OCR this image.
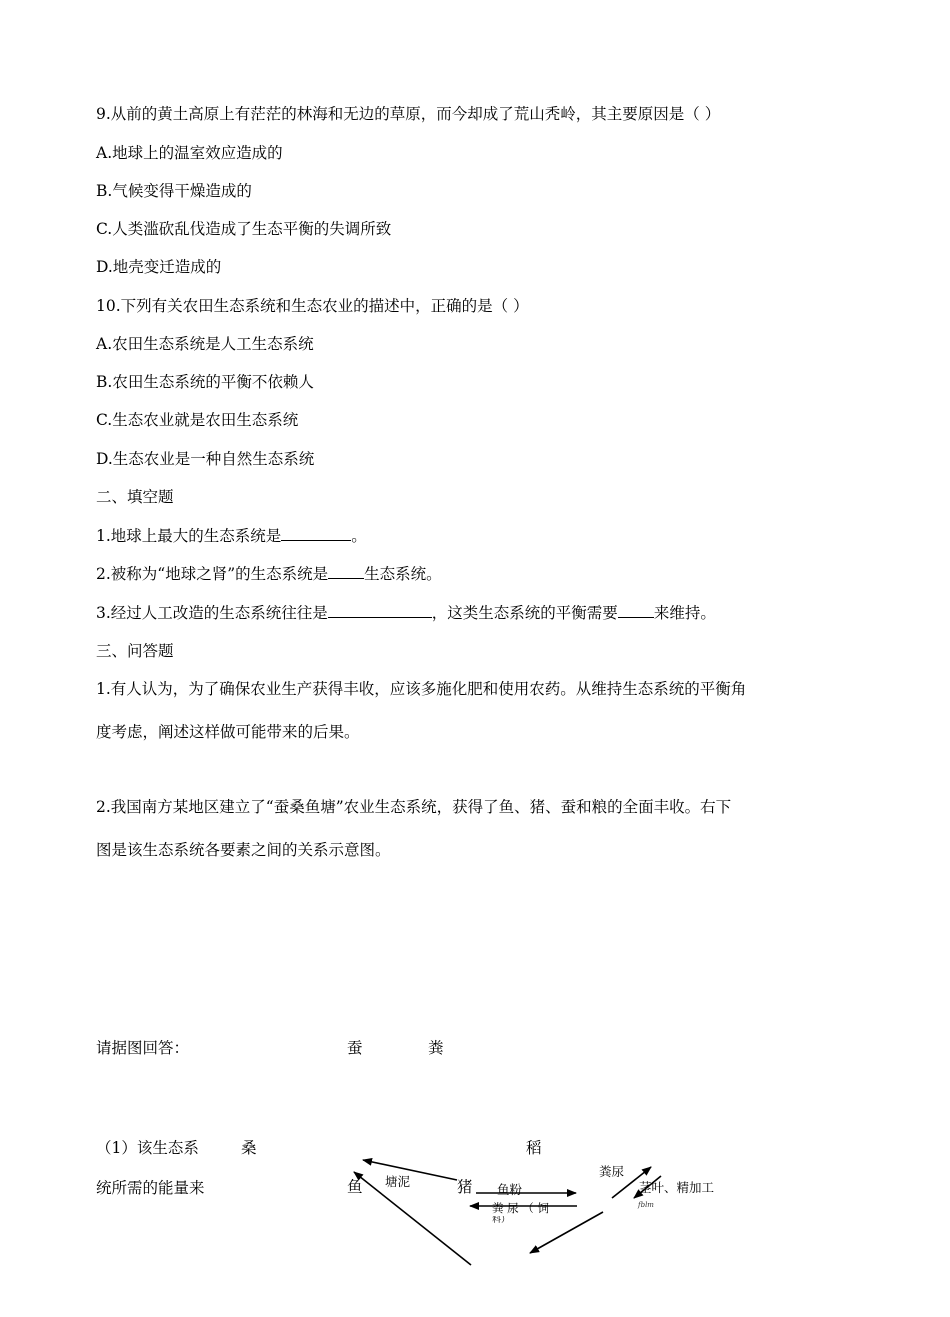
9.从前的黄土高原上有茫茫的林海和无边的草原，而今却成了荒山秃岭，其主要原因是（ ）
A.地球上的温室效应造成的
B.气候变得干燥造成的
C.人类滥砍乱伐造成了生态平衡的失调所致
D.地壳变迁造成的
10.下列有关农田生态系统和生态农业的描述中，正确的是（ ）
A.农田生态系统是人工生态系统
B.农田生态系统的平衡不依赖人
C.生态农业就是农田生态系统
D.生态农业是一种自然生态系统
二、填空题
1.地球上最大的生态系统是	。
2.被称为“地球之肾”的生态系统是 生态系统。
3.经过人工改造的生态系统往往是	，这类生态系统的平衡需要 来维持。
三、问答题
1.有人认为，为了确保农业生产获得丰收，应该多施化肥和使用农药。从维持生态系统的平衡角
度考虑，阐述这样做可能带来的后果。
2.我国南方某地区建立了“蚕桑鱼塘”农业生态系统，获得了鱼、猪、蚕和粮的全面丰收。右下
图是该生态系统各要素之间的关系示意图。
请据图回答：
（1）该生态系
统所需的能量来
蚕	粪
桑	稻
鱼 塘泥	猪 鱼粉
粪 尿 （ 饲
料）
粪尿
茎叶、精加工
fblm
